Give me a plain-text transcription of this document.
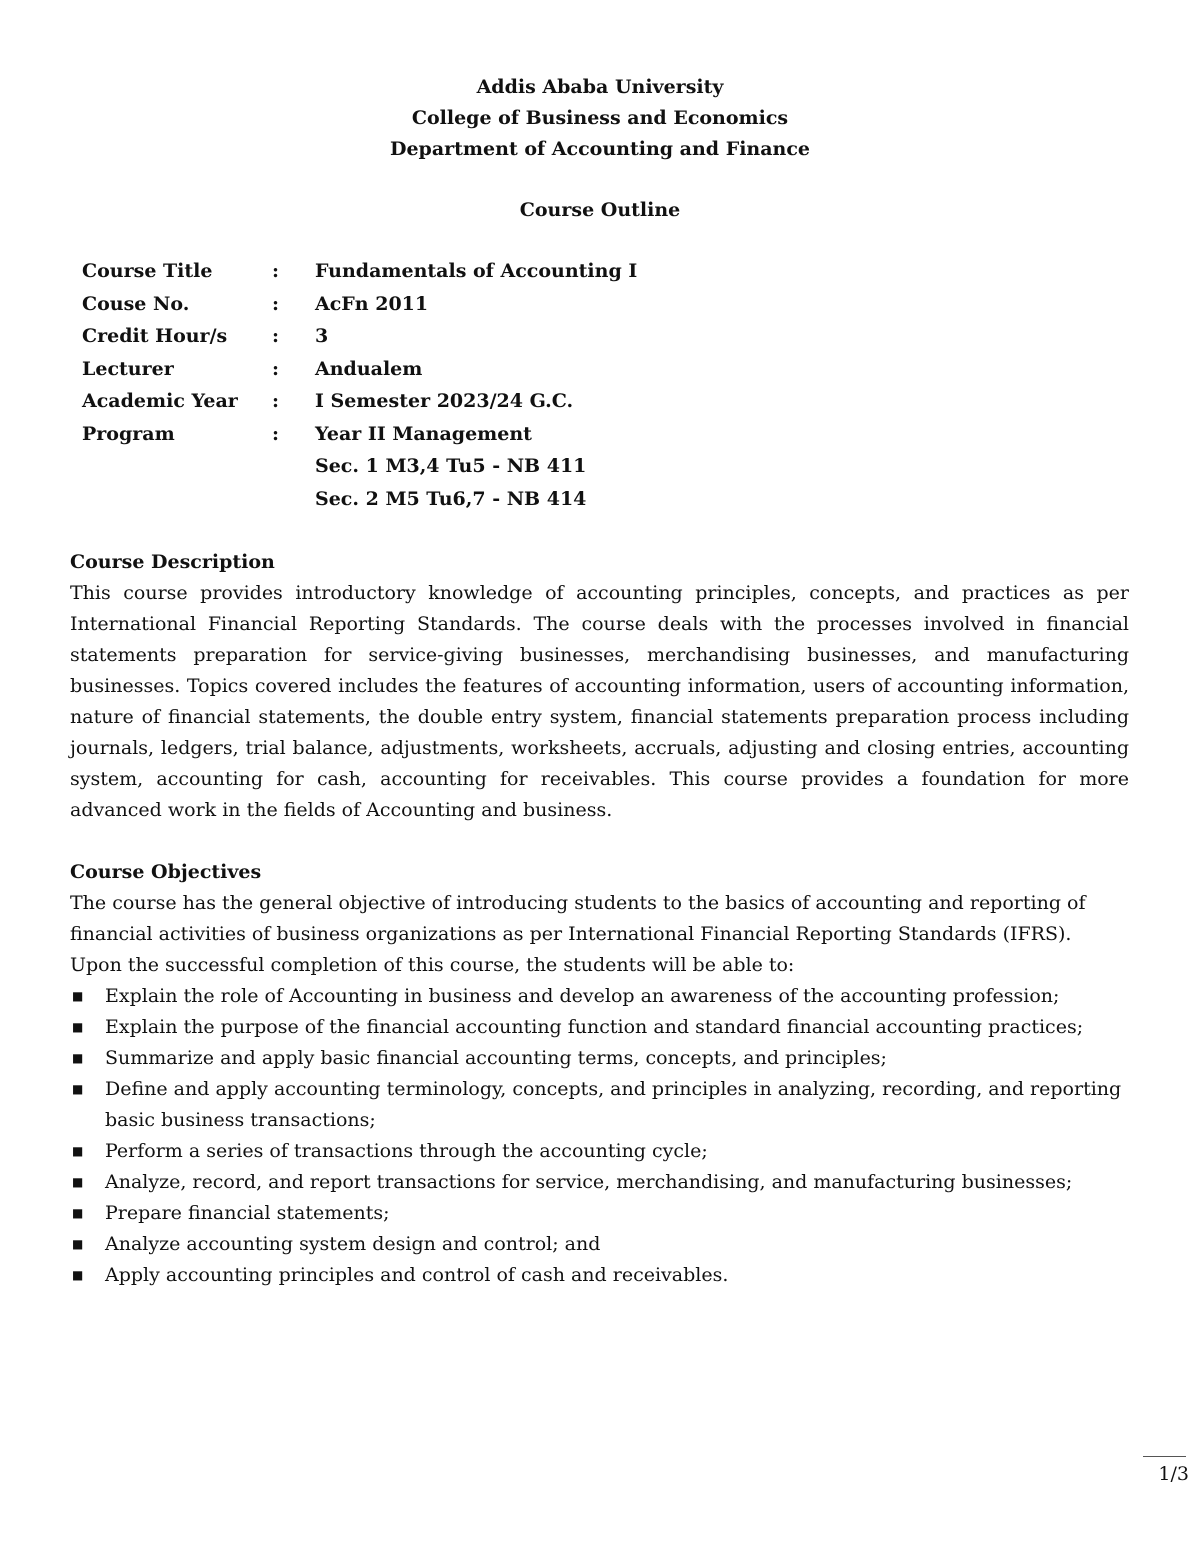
Addis Ababa University
College of Business and Economics
Department of Accounting and Finance
Course Outline
Course Title	: Fundamentals of Accounting I
Couse No.	: AcFn 2011
Credit Hour/s : 3
Lecturer	: Andualem
Academic Year : I Semester 2023/24 G.C.
Program	: Year II Management
Sec. 1 M3,4 Tu5 - NB 411
Sec. 2 M5 Tu6,7 - NB 414
Course Description
This course provides introductory knowledge of accounting principles, concepts, and practices as per International Financial Reporting Standards. The course deals with the processes involved in financial statements preparation for service-giving businesses, merchandising businesses, and manufacturing businesses. Topics covered includes the features of accounting information, users of accounting information, nature of financial statements, the double entry system, financial statements preparation process including journals, ledgers, trial balance, adjustments, worksheets, accruals, adjusting and closing entries, accounting system, accounting for cash, accounting for receivables. This course provides a foundation for more advanced work in the fields of Accounting and business.
Course Objectives
The course has the general objective of introducing students to the basics of accounting and reporting of financial activities of business organizations as per International Financial Reporting Standards (IFRS). Upon the successful completion of this course, the students will be able to:
■ Explain the role of Accounting in business and develop an awareness of the accounting profession;
■ Explain the purpose of the financial accounting function and standard financial accounting practices;
■ Summarize and apply basic financial accounting terms, concepts, and principles;
■ Define and apply accounting terminology, concepts, and principles in analyzing, recording, and reporting basic business transactions;
■ Perform a series of transactions through the accounting cycle;
■ Analyze, record, and report transactions for service, merchandising, and manufacturing businesses;
■ Prepare financial statements;
■ Analyze accounting system design and control; and
■ Apply accounting principles and control of cash and receivables.
1/3
